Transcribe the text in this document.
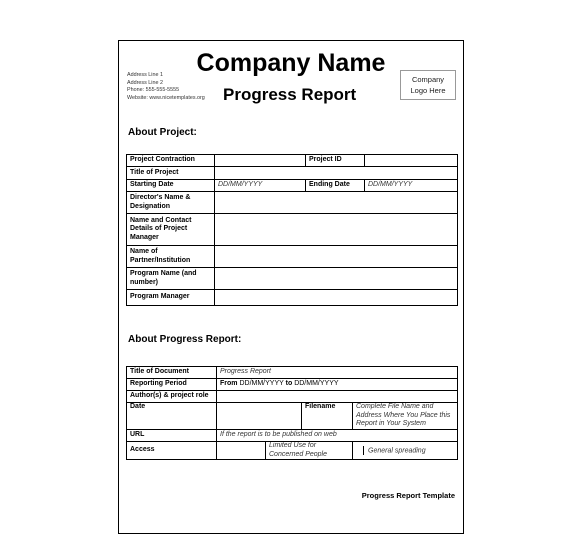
Company Name
Address Line 1
Address Line 2
Phone: 555-555-5555
Website: www.nicetemplates.org Progress Report
Company
Logo Here
About Project:
Project Contraction		Project ID	
Title of Project			
Starting Date	DD/MM/YYYY	Ending Date	DD/MM/YYYY
Director's Name & Designation			
Name and Contact Details of Project Manager			
Name of Partner/Institution			
Program Name (and number)			
Program Manager			
About Progress Report:
Title of Document	Progress Report			
Reporting Period	From DD/MM/YYYY to DD/MM/YYYY			
Author(s) & project role				
Date			Filename	Complete File Name and Address Where You Place this Report in Your System
URL	If the report is to be published on web			
Access		Limited Use for Concerned People		General spreading
Progress Report Template
